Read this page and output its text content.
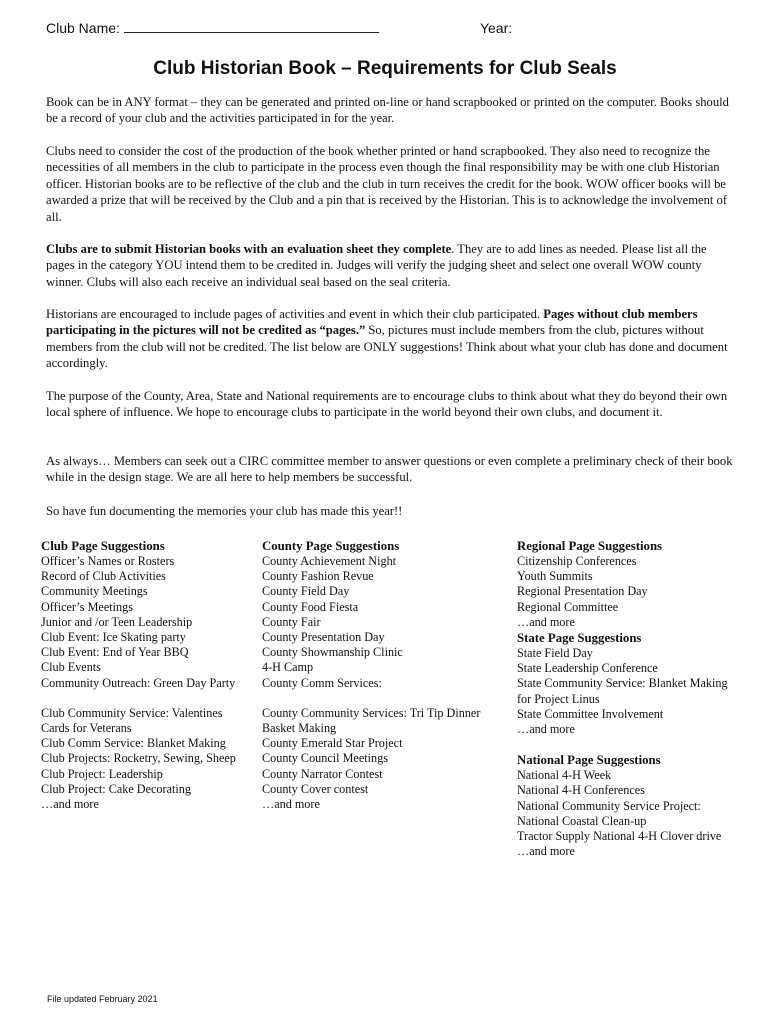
Club Name:	Year:
Club Historian Book – Requirements for Club Seals

Book can be in ANY format – they can be generated and printed on-line or hand scrapbooked or printed on the computer. Books should be a record of your club and the activities participated in for the year.

Clubs need to consider the cost of the production of the book whether printed or hand scrapbooked. They also need to recognize the necessities of all members in the club to participate in the process even though the final responsibility may be with one club Historian officer. Historian books are to be reflective of the club and the club in turn receives the credit for the book. WOW officer books will be awarded a prize that will be received by the Club and a pin that is received by the Historian. This is to acknowledge the involvement of all.

Clubs are to submit Historian books with an evaluation sheet they complete. They are to add lines as needed. Please list all the pages in the category YOU intend them to be credited in. Judges will verify the judging sheet and select one overall WOW county winner. Clubs will also each receive an individual seal based on the seal criteria.

Historians are encouraged to include pages of activities and event in which their club participated. Pages without club members participating in the pictures will not be credited as “pages.” So, pictures must include members from the club, pictures without members from the club will not be credited. The list below are ONLY suggestions! Think about what your club has done and document accordingly.

The purpose of the County, Area, State and National requirements are to encourage clubs to think about what they do beyond their own local sphere of influence. We hope to encourage clubs to participate in the world beyond their own clubs, and document it.

As always… Members can seek out a CIRC committee member to answer questions or even complete a preliminary check of their book while in the design stage. We are all here to help members be successful.

So have fun documenting the memories your club has made this year!!

Club Page Suggestions
Officer’s Names or Rosters
Record of Club Activities
Community Meetings
Officer’s Meetings
Junior and /or Teen Leadership
Club Event: Ice Skating party
Club Event: End of Year BBQ
Club Events
Community Outreach: Green Day Party
Club Community Service: Valentines
Cards for Veterans
Club Comm Service: Blanket Making
Club Projects: Rocketry, Sewing, Sheep
Club Project: Leadership
Club Project: Cake Decorating
…and more
County Page Suggestions
County Achievement Night
County Fashion Revue
County Field Day
County Food Fiesta
County Fair
County Presentation Day
County Showmanship Clinic
4-H Camp
County Comm Services:
County Community Services: Tri Tip Dinner
Basket Making
County Emerald Star Project
County Council Meetings
County Narrator Contest
County Cover contest
…and more
Regional Page Suggestions
Citizenship Conferences
Youth Summits
Regional Presentation Day
Regional Committee
…and more
State Page Suggestions
State Field Day
State Leadership Conference
State Community Service: Blanket Making
for Project Linus
State Committee Involvement
…and more
National Page Suggestions
National 4-H Week
National 4-H Conferences
National Community Service Project:
National Coastal Clean-up
Tractor Supply National 4-H Clover drive
…and more
File updated February 2021
